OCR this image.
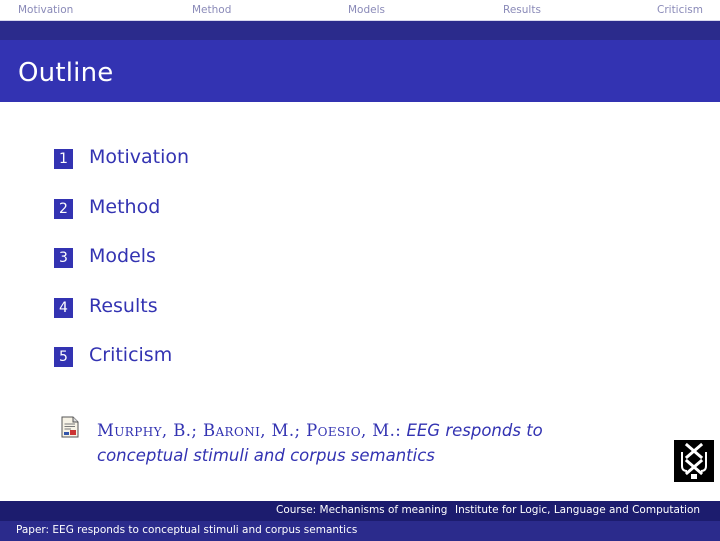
Motivation	Method	Models	Results	Criticism
Outline
1 Motivation
2 Method
3 Models
4 Results
5 Criticism
Murphy, B.; Baroni, M.; Poesio, M.: EEG responds to
conceptual stimuli and corpus semantics
Course: Mechanisms of meaning Institute for Logic, Language and Computation
Paper: EEG responds to conceptual stimuli and corpus semantics
